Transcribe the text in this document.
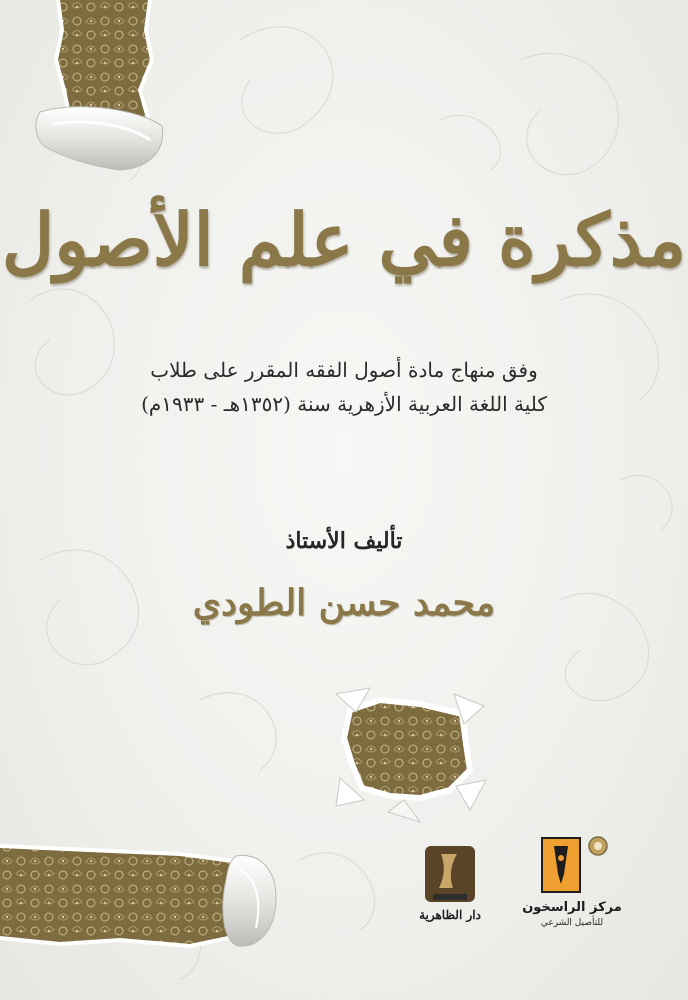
مذكرة في علم الأصول
وفق منهاج مادة أصول الفقه المقرر على طلاب
كلية اللغة العربية الأزهرية سنة (١٣٥٢هـ - ١٩٣٣م)
تأليف الأستاذ
محمد حسن الطودي
دار الظاهرية	مركز الراسخون
للتأصيل الشرعي
